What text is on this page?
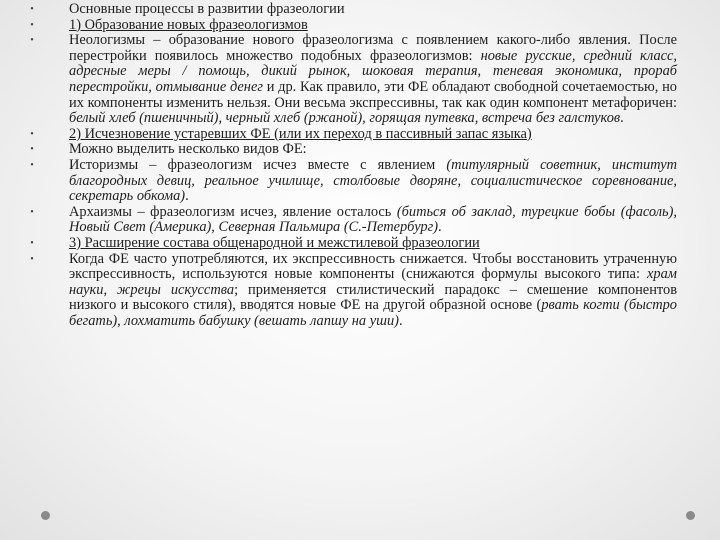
• Основные процессы в развитии фразеологии
• 1) Образование новых фразеологизмов
• Неологизмы – образование нового фразеологизма с появлением какого-либо явления. После перестройки появилось множество подобных фразеологизмов: новые русские, средний класс, адресные меры / помощь, дикий рынок, шоковая терапия, теневая экономика, прораб перестройки, отмывание денег и др. Как правило, эти ФЕ обладают свободной сочетаемостью, но их компоненты изменить нельзя. Они весьма экспрессивны, так как один компонент метафоричен: белый хлеб (пшеничный), черный хлеб (ржаной), горящая путевка, встреча без галстуков.
• 2) Исчезновение устаревших ФЕ (или их переход в пассивный запас языка)
• Можно выделить несколько видов ФЕ:
• Историзмы – фразеологизм исчез вместе с явлением (титулярный советник, институт благородных девиц, реальное училище, столбовые дворяне, социалистическое соревнование, секретарь обкома).
• Архаизмы – фразеологизм исчез, явление осталось (биться об заклад, турецкие бобы (фасоль), Новый Свет (Америка), Северная Пальмира (С.-Петербург).
• 3) Расширение состава общенародной и межстилевой фразеологии
• Когда ФЕ часто употребляются, их экспрессивность снижается. Чтобы восстановить утраченную экспрессивность, используются новые компоненты (снижаются формулы высокого типа: храм науки, жрецы искусства; применяется стилистический парадокс – смешение компонентов низкого и высокого стиля), вводятся новые ФЕ на другой образной основе (рвать когти (быстро бегать), лохматить бабушку (вешать лапшу на уши).
